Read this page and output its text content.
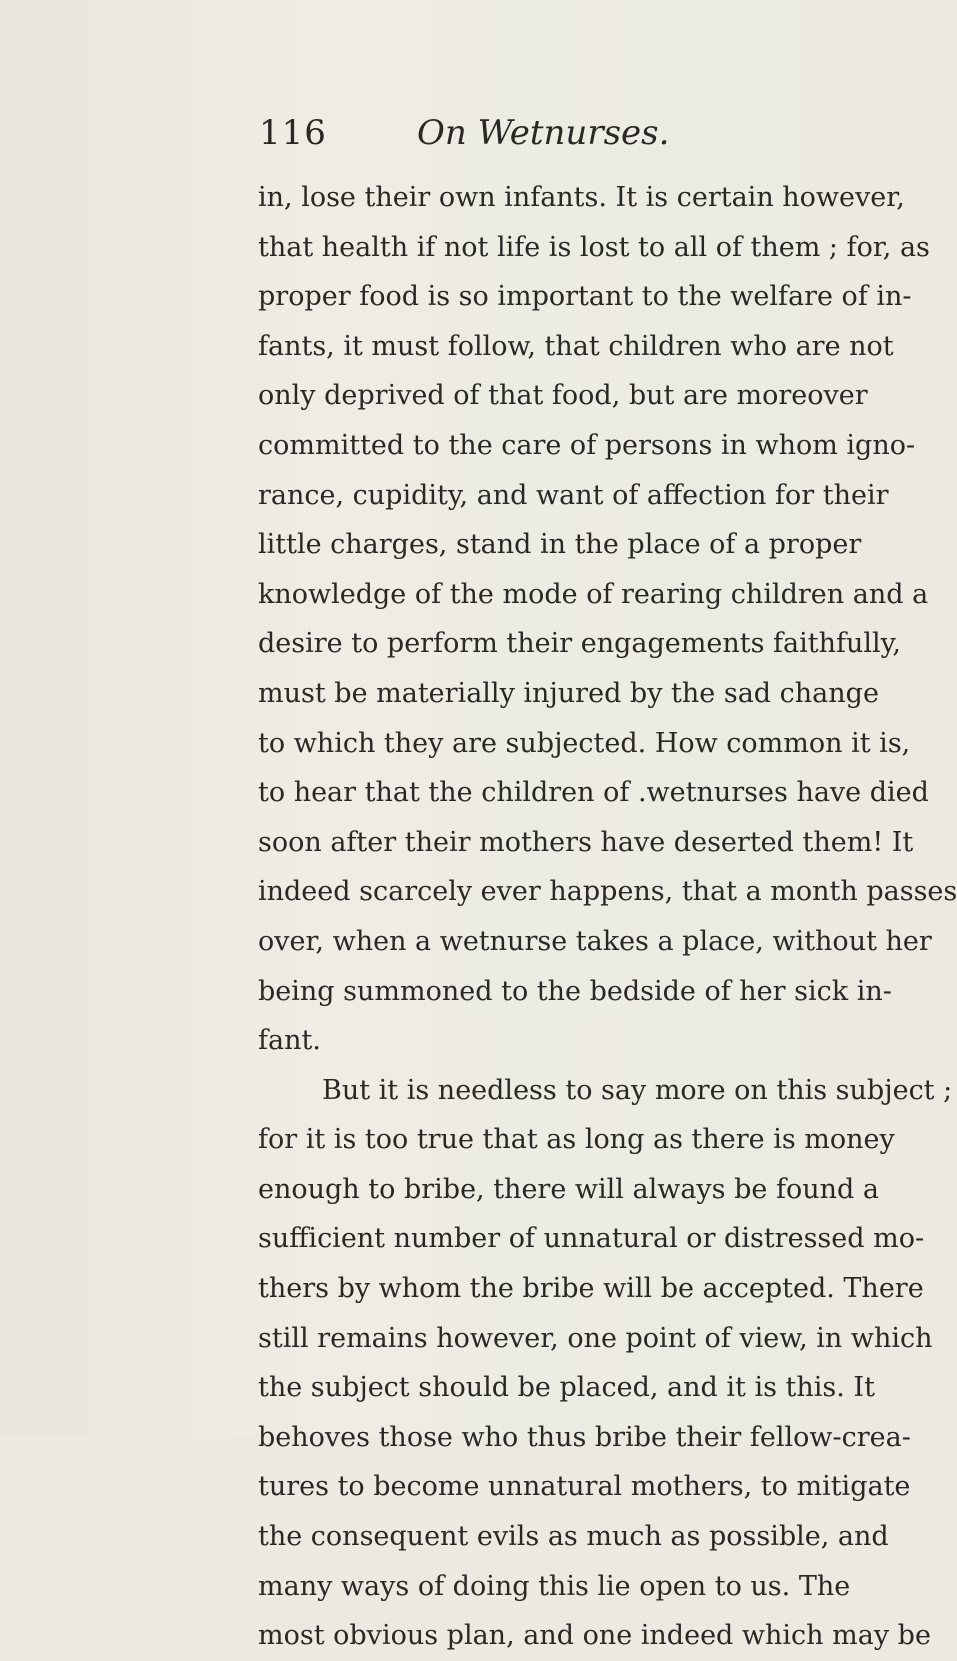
116	On Wetnurses.
in, lose their own infants. It is certain however,
that health if not life is lost to all of them ; for, as
proper food is so important to the welfare of in-
fants, it must follow, that children who are not
only deprived of that food, but are moreover
committed to the care of persons in whom igno-
rance, cupidity, and want of affection for their
little charges, stand in the place of a proper
knowledge of the mode of rearing children and a
desire to perform their engagements faithfully,
must be materially injured by the sad change
to which they are subjected. How common it is,
to hear that the children of .wetnurses have died
soon after their mothers have deserted them! It
indeed scarcely ever happens, that a month passes
over, when a wetnurse takes a place, without her
being summoned to the bedside of her sick in-
fant.
But it is needless to say more on this subject ;
for it is too true that as long as there is money
enough to bribe, there will always be found a
sufficient number of unnatural or distressed mo-
thers by whom the bribe will be accepted. There
still remains however, one point of view, in which
the subject should be placed, and it is this. It
behoves those who thus bribe their fellow-crea-
tures to become unnatural mothers, to mitigate
the consequent evils as much as possible, and
many ways of doing this lie open to us. The
most obvious plan, and one indeed which may be
